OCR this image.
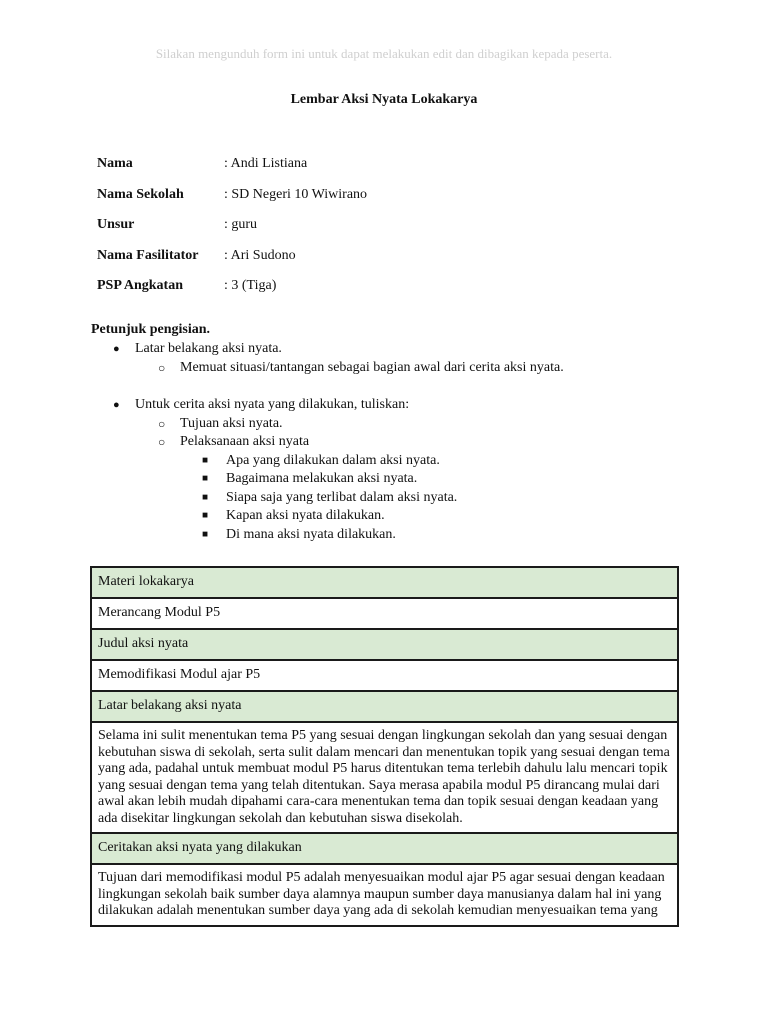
Silakan mengunduh form ini untuk dapat melakukan edit dan dibagikan kepada peserta.
Lembar Aksi Nyata Lokakarya
Nama	: Andi Listiana
Nama Sekolah	: SD Negeri 10 Wiwirano
Unsur	: guru
Nama Fasilitator	: Ari Sudono
PSP Angkatan	: 3 (Tiga)
Petunjuk pengisian.
● Latar belakang aksi nyata.
○ Memuat situasi/tantangan sebagai bagian awal dari cerita aksi nyata.
● Untuk cerita aksi nyata yang dilakukan, tuliskan:
○ Tujuan aksi nyata.
○ Pelaksanaan aksi nyata
■ Apa yang dilakukan dalam aksi nyata.
■ Bagaimana melakukan aksi nyata.
■ Siapa saja yang terlibat dalam aksi nyata.
■ Kapan aksi nyata dilakukan.
■ Di mana aksi nyata dilakukan.
Materi lokakarya
Merancang Modul P5
Judul aksi nyata
Memodifikasi Modul ajar P5
Latar belakang aksi nyata

Selama ini sulit menentukan tema P5 yang sesuai dengan lingkungan sekolah dan yang sesuai dengan
kebutuhan siswa di sekolah, serta sulit dalam mencari dan menentukan topik yang sesuai dengan tema
yang ada, padahal untuk membuat modul P5 harus ditentukan tema terlebih dahulu lalu mencari topik
yang sesuai dengan tema yang telah ditentukan. Saya merasa apabila modul P5 dirancang mulai dari
awal akan lebih mudah dipahami cara-cara menentukan tema dan topik sesuai dengan keadaan yang
ada disekitar lingkungan sekolah dan kebutuhan siswa disekolah.

Ceritakan aksi nyata yang dilakukan

Tujuan dari memodifikasi modul P5 adalah menyesuaikan modul ajar P5 agar sesuai dengan keadaan
lingkungan sekolah baik sumber daya alamnya maupun sumber daya manusianya dalam hal ini yang
dilakukan adalah menentukan sumber daya yang ada di sekolah kemudian menyesuaikan tema yang
